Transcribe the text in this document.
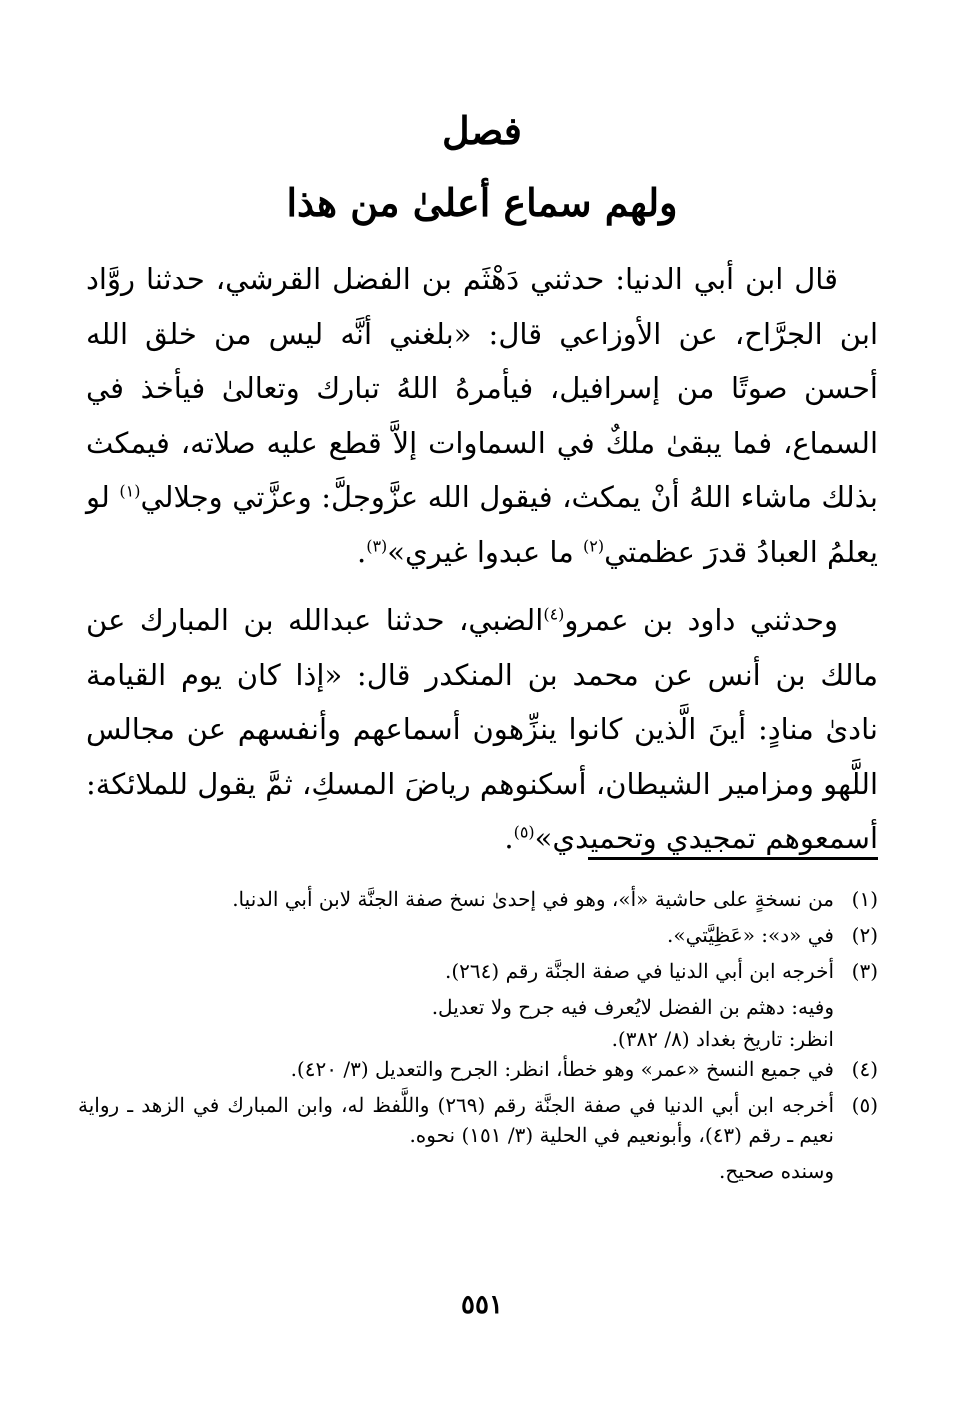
فصل
ولهم سماع أعلىٰ من هذا

قال ابن أبي الدنيا: حدثني دَهْثَم بن الفضل القرشي، حدثنا روَّاد ابن الجرَّاح، عن الأوزاعي قال: «بلغني أنَّه ليس من خلق الله أحسن صوتًا من إسرافيل، فيأمرهُ اللهُ تبارك وتعالىٰ فيأخذ في السماع، فما يبقىٰ ملكٌ في السماوات إلاَّ قطع عليه صلاته، فيمكث بذلك ماشاء اللهُ أنْ يمكث، فيقول الله عزَّوجلَّ: وعزَّتي وجلالي$^{(١)}$ لو يعلمُ العبادُ قدرَ عظمتي$^{(٢)}$ ما عبدوا غيري»$^{(٣)}$.

وحدثني داود بن عمرو$^{(٤)}$الضبي، حدثنا عبدالله بن المبارك عن مالك بن أنس عن محمد بن المنكدر قال: «إذا كان يوم القيامة نادىٰ منادٍ: أينَ الَّذين كانوا ينزِّهون أسماعهم وأنفسهم عن مجالس اللَّهو ومزامير الشيطان، أسكنوهم رياضَ المسكِ، ثمَّ يقول للملائكة: أسمعوهم تمجيدي وتحميدي»$^{(٥)}$.

(١)
من نسخةٍ على حاشية «أ»، وهو في إحدىٰ نسخ صفة الجنَّة لابن أبي الدنيا.
(٢)
في «د»: «عَظِيَّتي».
(٣)
أخرجه ابن أبي الدنيا في صفة الجنَّة رقم (٢٦٤).
وفيه: دهثم بن الفضل لايُعرف فيه جرح ولا تعديل.
انظر: تاريخ بغداد (٨/ ٣٨٢).
(٤)
في جميع النسخ «عمر» وهو خطأ، انظر: الجرح والتعديل (٣/ ٤٢٠).
(٥)
أخرجه ابن أبي الدنيا في صفة الجنَّة رقم (٢٦٩) واللَّفظ له، وابن المبارك في الزهد ـ رواية نعيم ـ رقم (٤٣)، وأبونعيم في الحلية (٣/ ١٥١) نحوه.
وسنده صحيح.
٥٥١
